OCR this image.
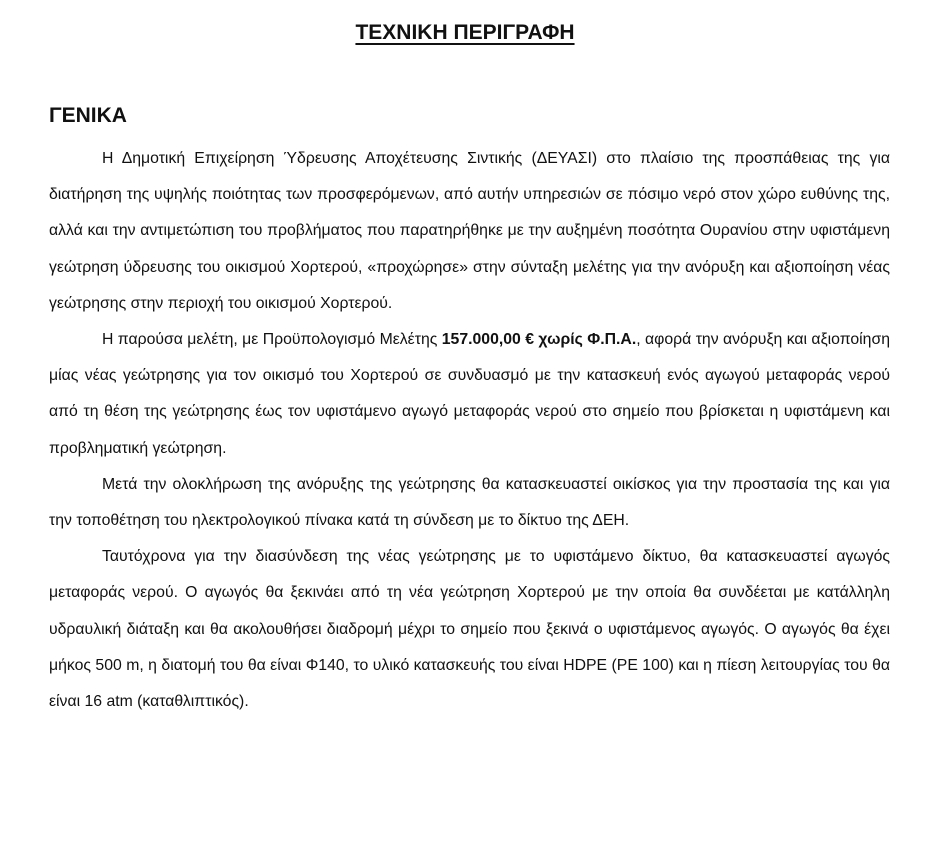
ΤΕΧΝΙΚΗ ΠΕΡΙΓΡΑΦΗ
ΓΕΝΙΚΑ

Η Δημοτική Επιχείρηση Ύδρευσης Αποχέτευσης Σιντικής (ΔΕΥΑΣΙ) στο πλαίσιο της προσπάθειας της για διατήρηση της υψηλής ποιότητας των προσφερόμενων, από αυτήν υπηρεσιών σε πόσιμο νερό στον χώρο ευθύνης της, αλλά και την αντιμετώπιση του προβλήματος που παρατηρήθηκε με την αυξημένη ποσότητα Ουρανίου στην υφιστάμενη γεώτρηση ύδρευσης του οικισμού Χορτερού, «προχώρησε» στην σύνταξη μελέτης για την ανόρυξη και αξιοποίηση νέας γεώτρησης στην περιοχή του οικισμού Χορτερού.

Η παρούσα μελέτη, με Προϋπολογισμό Μελέτης 157.000,00 € χωρίς Φ.Π.Α., αφορά την ανόρυξη και αξιοποίηση μίας νέας γεώτρησης για τον οικισμό του Χορτερού σε συνδυασμό με την κατασκευή ενός αγωγού μεταφοράς νερού από τη θέση της γεώτρησης έως τον υφιστάμενο αγωγό μεταφοράς νερού στο σημείο που βρίσκεται η υφιστάμενη και προβληματική γεώτρηση.

Μετά την ολοκλήρωση της ανόρυξης της γεώτρησης θα κατασκευαστεί οικίσκος για την προστασία της και για την τοποθέτηση του ηλεκτρολογικού πίνακα κατά τη σύνδεση με το δίκτυο της ΔΕΗ.

Ταυτόχρονα για την διασύνδεση της νέας γεώτρησης με το υφιστάμενο δίκτυο, θα κατασκευαστεί αγωγός μεταφοράς νερού. Ο αγωγός θα ξεκινάει από τη νέα γεώτρηση Χορτερού με την οποία θα συνδέεται με κατάλληλη υδραυλική διάταξη και θα ακολουθήσει διαδρομή μέχρι το σημείο που ξεκινά ο υφιστάμενος αγωγός. Ο αγωγός θα έχει μήκος 500 m, η διατομή του θα είναι Φ140, το υλικό κατασκευής του είναι HDPE (PE 100) και η πίεση λειτουργίας του θα είναι 16 atm (καταθλιπτικός).
